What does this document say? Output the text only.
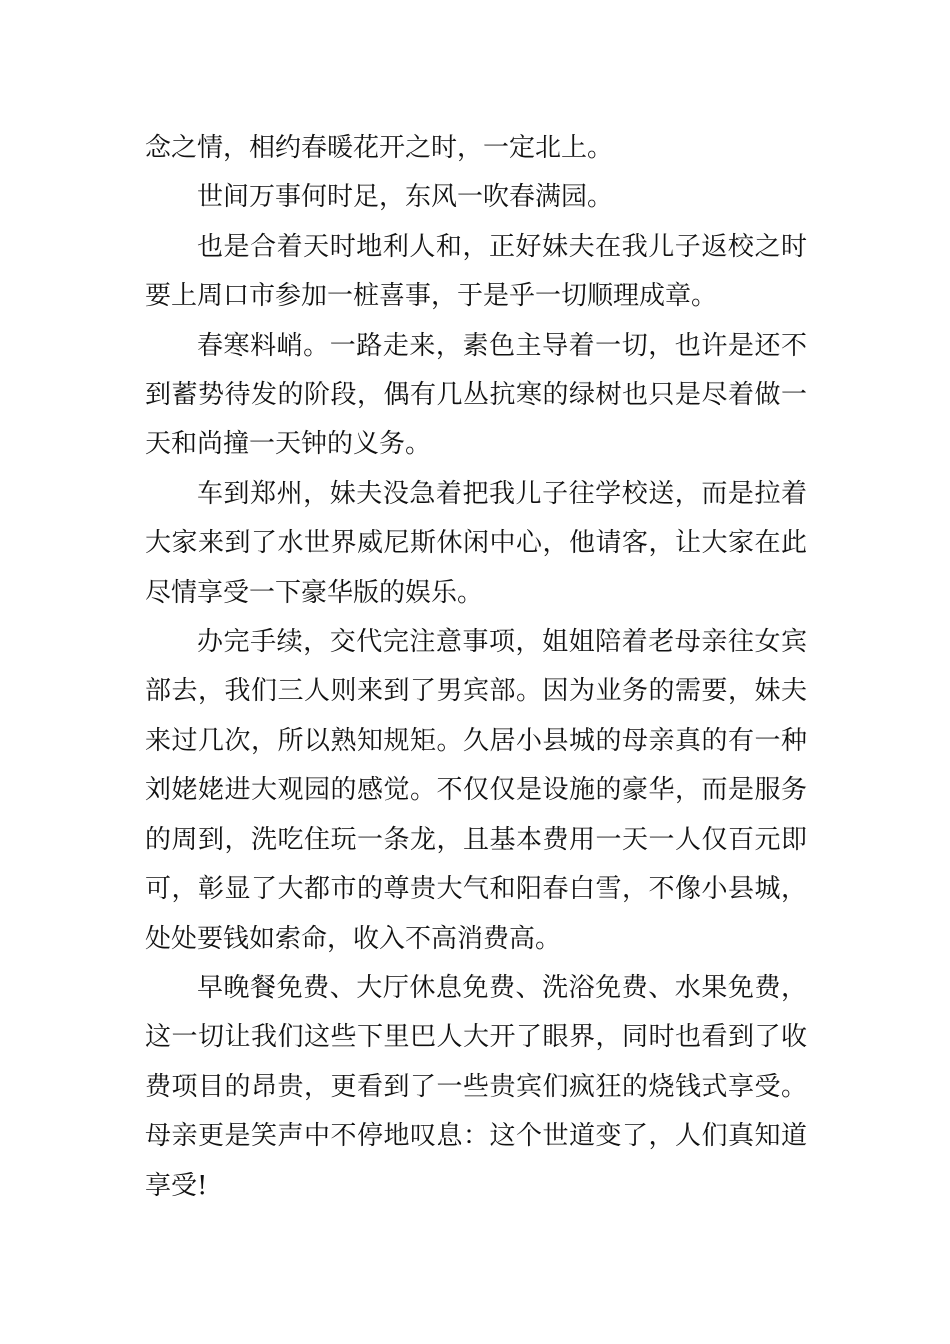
念之情，相约春暖花开之时，一定北上。

世间万事何时足，东风一吹春满园。

也是合着天时地利人和，正好妹夫在我儿子返校之时要上周口市参加一桩喜事，于是乎一切顺理成章。

春寒料峭。一路走来，素色主导着一切，也许是还不到蓄势待发的阶段，偶有几丛抗寒的绿树也只是尽着做一天和尚撞一天钟的义务。

车到郑州，妹夫没急着把我儿子往学校送，而是拉着大家来到了水世界威尼斯休闲中心，他请客，让大家在此尽情享受一下豪华版的娱乐。

办完手续，交代完注意事项，姐姐陪着老母亲往女宾部去，我们三人则来到了男宾部。因为业务的需要，妹夫来过几次，所以熟知规矩。久居小县城的母亲真的有一种刘姥姥进大观园的感觉。不仅仅是设施的豪华，而是服务的周到，洗吃住玩一条龙，且基本费用一天一人仅百元即可，彰显了大都市的尊贵大气和阳春白雪，不像小县城，处处要钱如索命，收入不高消费高。

早晚餐免费、大厅休息免费、洗浴免费、水果免费，这一切让我们这些下里巴人大开了眼界，同时也看到了收费项目的昂贵，更看到了一些贵宾们疯狂的烧钱式享受。母亲更是笑声中不停地叹息：这个世道变了，人们真知道享受!
